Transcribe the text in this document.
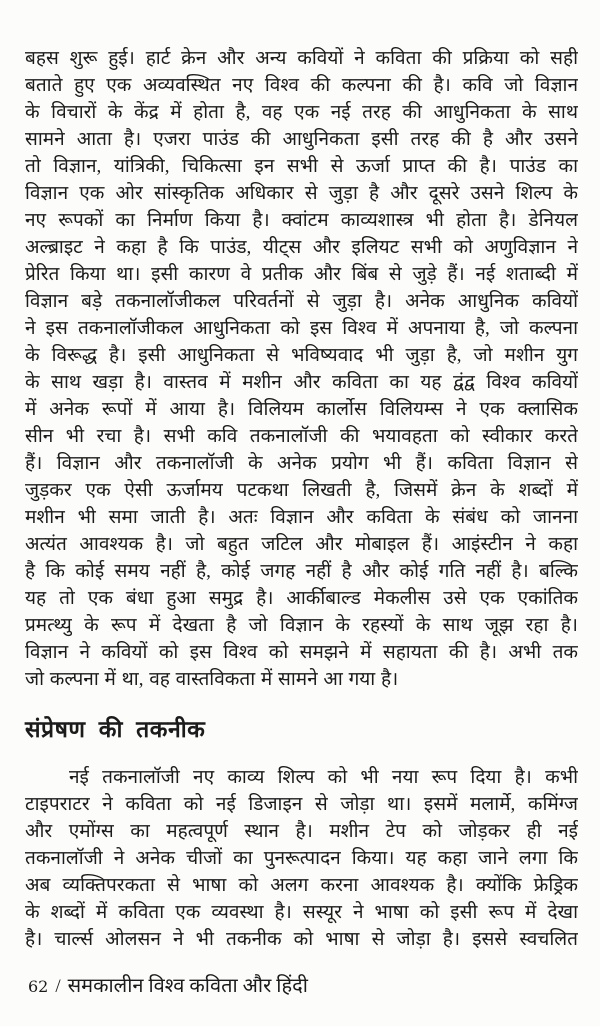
बहस शुरू हुई। हार्ट क्रेन और अन्य कवियों ने कविता की प्रक्रिया को सही
बताते हुए एक अव्यवस्थित नए विश्व की कल्पना की है। कवि जो विज्ञान
के विचारों के केंद्र में होता है, वह एक नई तरह की आधुनिकता के साथ
सामने आता है। एजरा पाउंड की आधुनिकता इसी तरह की है और उसने
तो विज्ञान, यांत्रिकी, चिकित्सा इन सभी से ऊर्जा प्राप्त की है। पाउंड का
विज्ञान एक ओर सांस्कृतिक अधिकार से जुड़ा है और दूसरे उसने शिल्प के
नए रूपकों का निर्माण किया है। क्वांटम काव्यशास्त्र भी होता है। डेनियल
अल्ब्राइट ने कहा है कि पाउंड, यीट्स और इलियट सभी को अणुविज्ञान ने
प्रेरित किया था। इसी कारण वे प्रतीक और बिंब से जुड़े हैं। नई शताब्दी में
विज्ञान बड़े तकनालॉजीकल परिवर्तनों से जुड़ा है। अनेक आधुनिक कवियों
ने इस तकनालॉजीकल आधुनिकता को इस विश्व में अपनाया है, जो कल्पना
के विरूद्ध है। इसी आधुनिकता से भविष्यवाद भी जुड़ा है, जो मशीन युग
के साथ खड़ा है। वास्तव में मशीन और कविता का यह द्वंद्व विश्व कवियों
में अनेक रूपों में आया है। विलियम कार्लोस विलियम्स ने एक क्लासिक
सीन भी रचा है। सभी कवि तकनालॉजी की भयावहता को स्वीकार करते
हैं। विज्ञान और तकनालॉजी के अनेक प्रयोग भी हैं। कविता विज्ञान से
जुड़कर एक ऐसी ऊर्जामय पटकथा लिखती है, जिसमें क्रेन के शब्दों में
मशीन भी समा जाती है। अतः विज्ञान और कविता के संबंध को जानना
अत्यंत आवश्यक है। जो बहुत जटिल और मोबाइल हैं। आइंस्टीन ने कहा
है कि कोई समय नहीं है, कोई जगह नहीं है और कोई गति नहीं है। बल्कि
यह तो एक बंधा हुआ समुद्र है। आर्कीबाल्ड मेकलीस उसे एक एकांतिक
प्रमत्थ्यु के रूप में देखता है जो विज्ञान के रहस्यों के साथ जूझ रहा है।
विज्ञान ने कवियों को इस विश्व को समझने में सहायता की है। अभी तक
जो कल्पना में था, वह वास्तविकता में सामने आ गया है।
संप्रेषण की तकनीक
नई तकनालॉजी नए काव्य शिल्प को भी नया रूप दिया है। कभी
टाइपराटर ने कविता को नई डिजाइन से जोड़ा था। इसमें मलार्मे, कमिंग्ज
और एमोंग्स का महत्वपूर्ण स्थान है। मशीन टेप को जोड़कर ही नई
तकनालॉजी ने अनेक चीजों का पुनरूत्पादन किया। यह कहा जाने लगा कि
अब व्यक्तिपरकता से भाषा को अलग करना आवश्यक है। क्योंकि फ्रेड्रिक
के शब्दों में कविता एक व्यवस्था है। सस्यूर ने भाषा को इसी रूप में देखा
है। चार्ल्स ओलसन ने भी तकनीक को भाषा से जोड़ा है। इससे स्वचलित
62 / समकालीन विश्व कविता और हिंदी
